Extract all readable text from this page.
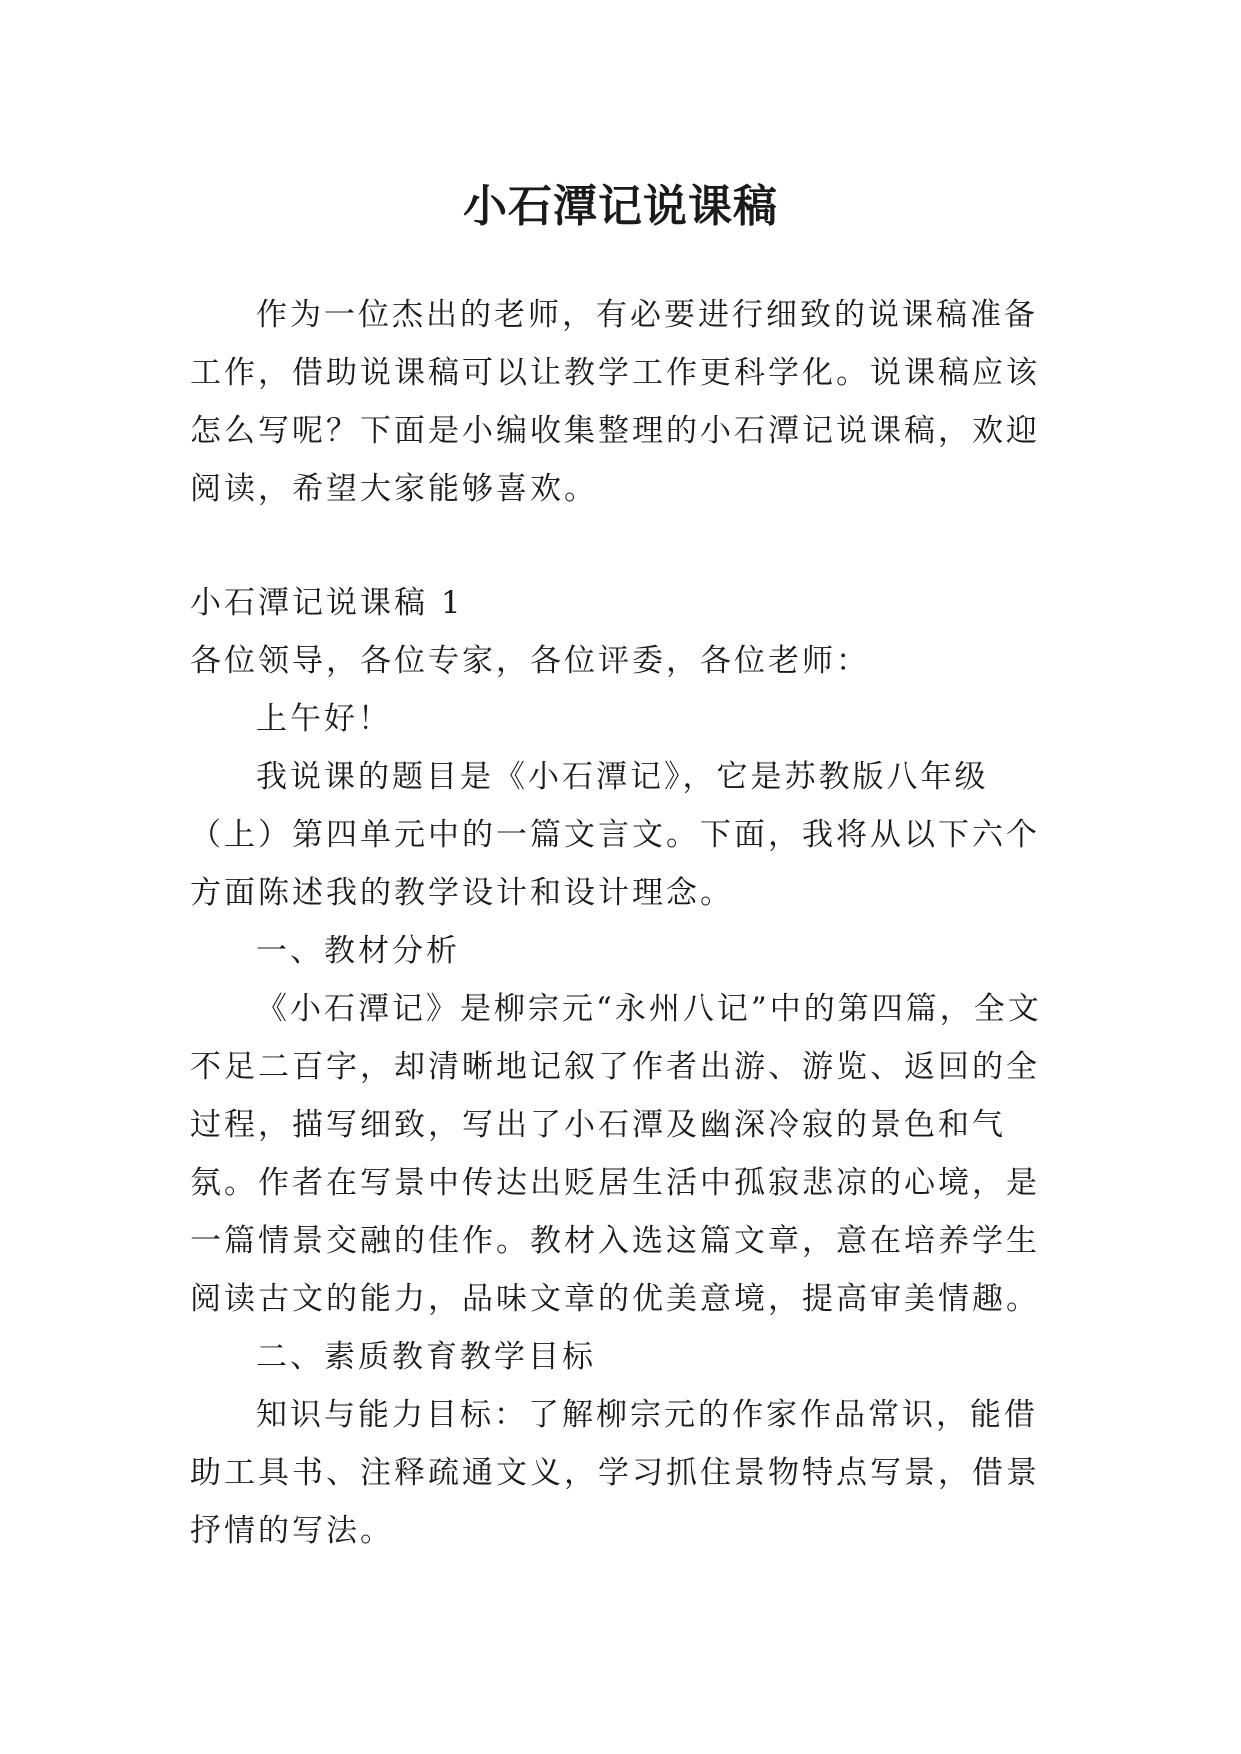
小石潭记说课稿

作为一位杰出的老师，有必要进行细致的说课稿准备工作，借助说课稿可以让教学工作更科学化。说课稿应该怎么写呢？下面是小编收集整理的小石潭记说课稿，欢迎阅读，希望大家能够喜欢。

小石潭记说课稿 1

各位领导，各位专家，各位评委，各位老师：

上午好！

我说课的题目是《小石潭记》，它是苏教版八年级（上）第四单元中的一篇文言文。下面，我将从以下六个方面陈述我的教学设计和设计理念。

一、教材分析

《小石潭记》是柳宗元“永州八记”中的第四篇，全文不足二百字，却清晰地记叙了作者出游、游览、返回的全过程，描写细致，写出了小石潭及幽深冷寂的景色和气氛。作者在写景中传达出贬居生活中孤寂悲凉的心境，是一篇情景交融的佳作。教材入选这篇文章，意在培养学生阅读古文的能力，品味文章的优美意境，提高审美情趣。

二、素质教育教学目标

知识与能力目标：了解柳宗元的作家作品常识，能借助工具书、注释疏通文义，学习抓住景物特点写景，借景抒情的写法。
